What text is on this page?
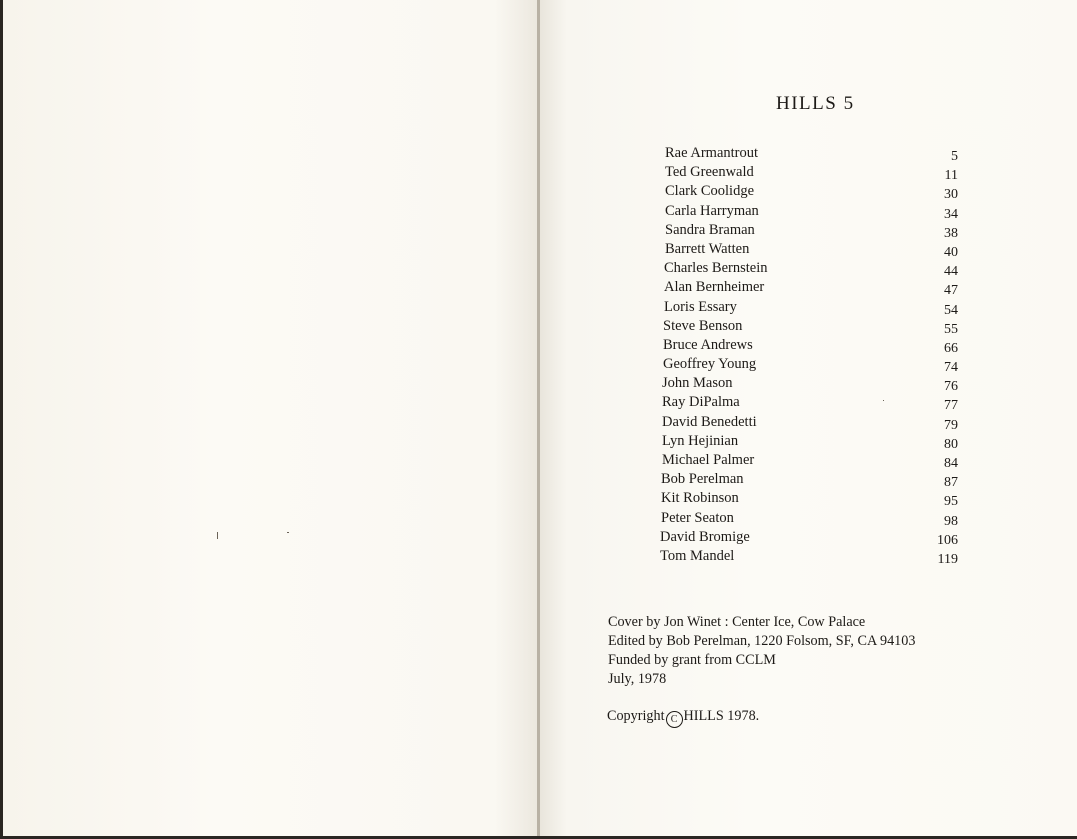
HILLS 5
Rae Armantrout	5
Ted Greenwald	11
Clark Coolidge	30
Carla Harryman	34
Sandra Braman	38
Barrett Watten	40
Charles Bernstein	44
Alan Bernheimer	47
Loris Essary	54
Steve Benson	55
Bruce Andrews	66
Geoffrey Young	74
John Mason	76
Ray DiPalma	77
David Benedetti	79
Lyn Hejinian	80
Michael Palmer	84
Bob Perelman	87
Kit Robinson	95
Peter Seaton	98
David Bromige	106
Tom Mandel	119
Cover by Jon Winet : Center Ice, Cow Palace
Edited by Bob Perelman, 1220 Folsom, SF, CA 94103
Funded by grant from CCLM
July, 1978
Copyright C HILLS 1978.
